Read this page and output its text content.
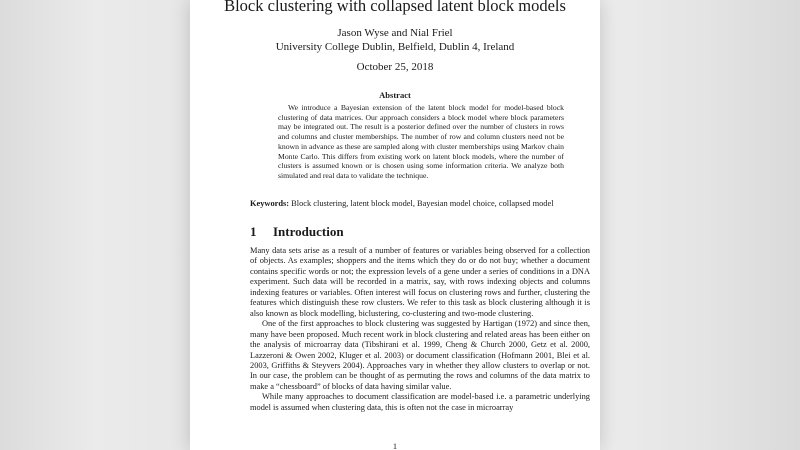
Block clustering with collapsed latent block models
Jason Wyse and Nial Friel
University College Dublin, Belfield, Dublin 4, Ireland
October 25, 2018
Abstract
We introduce a Bayesian extension of the latent block model for model-based block clustering of data matrices. Our approach considers a block model where block parameters may be integrated out. The result is a posterior defined over the number of clusters in rows and columns and cluster memberships. The number of row and column clusters need not be known in advance as these are sampled along with cluster memberships using Markov chain Monte Carlo. This differs from existing work on latent block models, where the number of clusters is assumed known or is chosen using some information criteria. We analyze both simulated and real data to validate the technique.
Keywords: Block clustering, latent block model, Bayesian model choice, collapsed model
1 Introduction

Many data sets arise as a result of a number of features or variables being observed for a collection of objects. As examples; shoppers and the items which they do or do not buy; whether a document contains specific words or not; the expression levels of a gene under a series of conditions in a DNA experiment. Such data will be recorded in a matrix, say, with rows indexing objects and columns indexing features or variables. Often interest will focus on clustering rows and further, clustering the features which distinguish these row clusters. We refer to this task as block clustering although it is also known as block modelling, biclustering, co-clustering and two-mode clustering.

One of the first approaches to block clustering was suggested by Hartigan (1972) and since then, many have been proposed. Much recent work in block clustering and related areas has been either on the analysis of microarray data (Tibshirani et al. 1999, Cheng & Church 2000, Getz et al. 2000, Lazzeroni & Owen 2002, Kluger et al. 2003) or document classification (Hofmann 2001, Blei et al. 2003, Griffiths & Steyvers 2004). Approaches vary in whether they allow clusters to overlap or not. In our case, the problem can be thought of as permuting the rows and columns of the data matrix to make a “chessboard” of blocks of data having similar value.

While many approaches to document classification are model-based i.e. a parametric underlying model is assumed when clustering data, this is often not the case in microarray

1
